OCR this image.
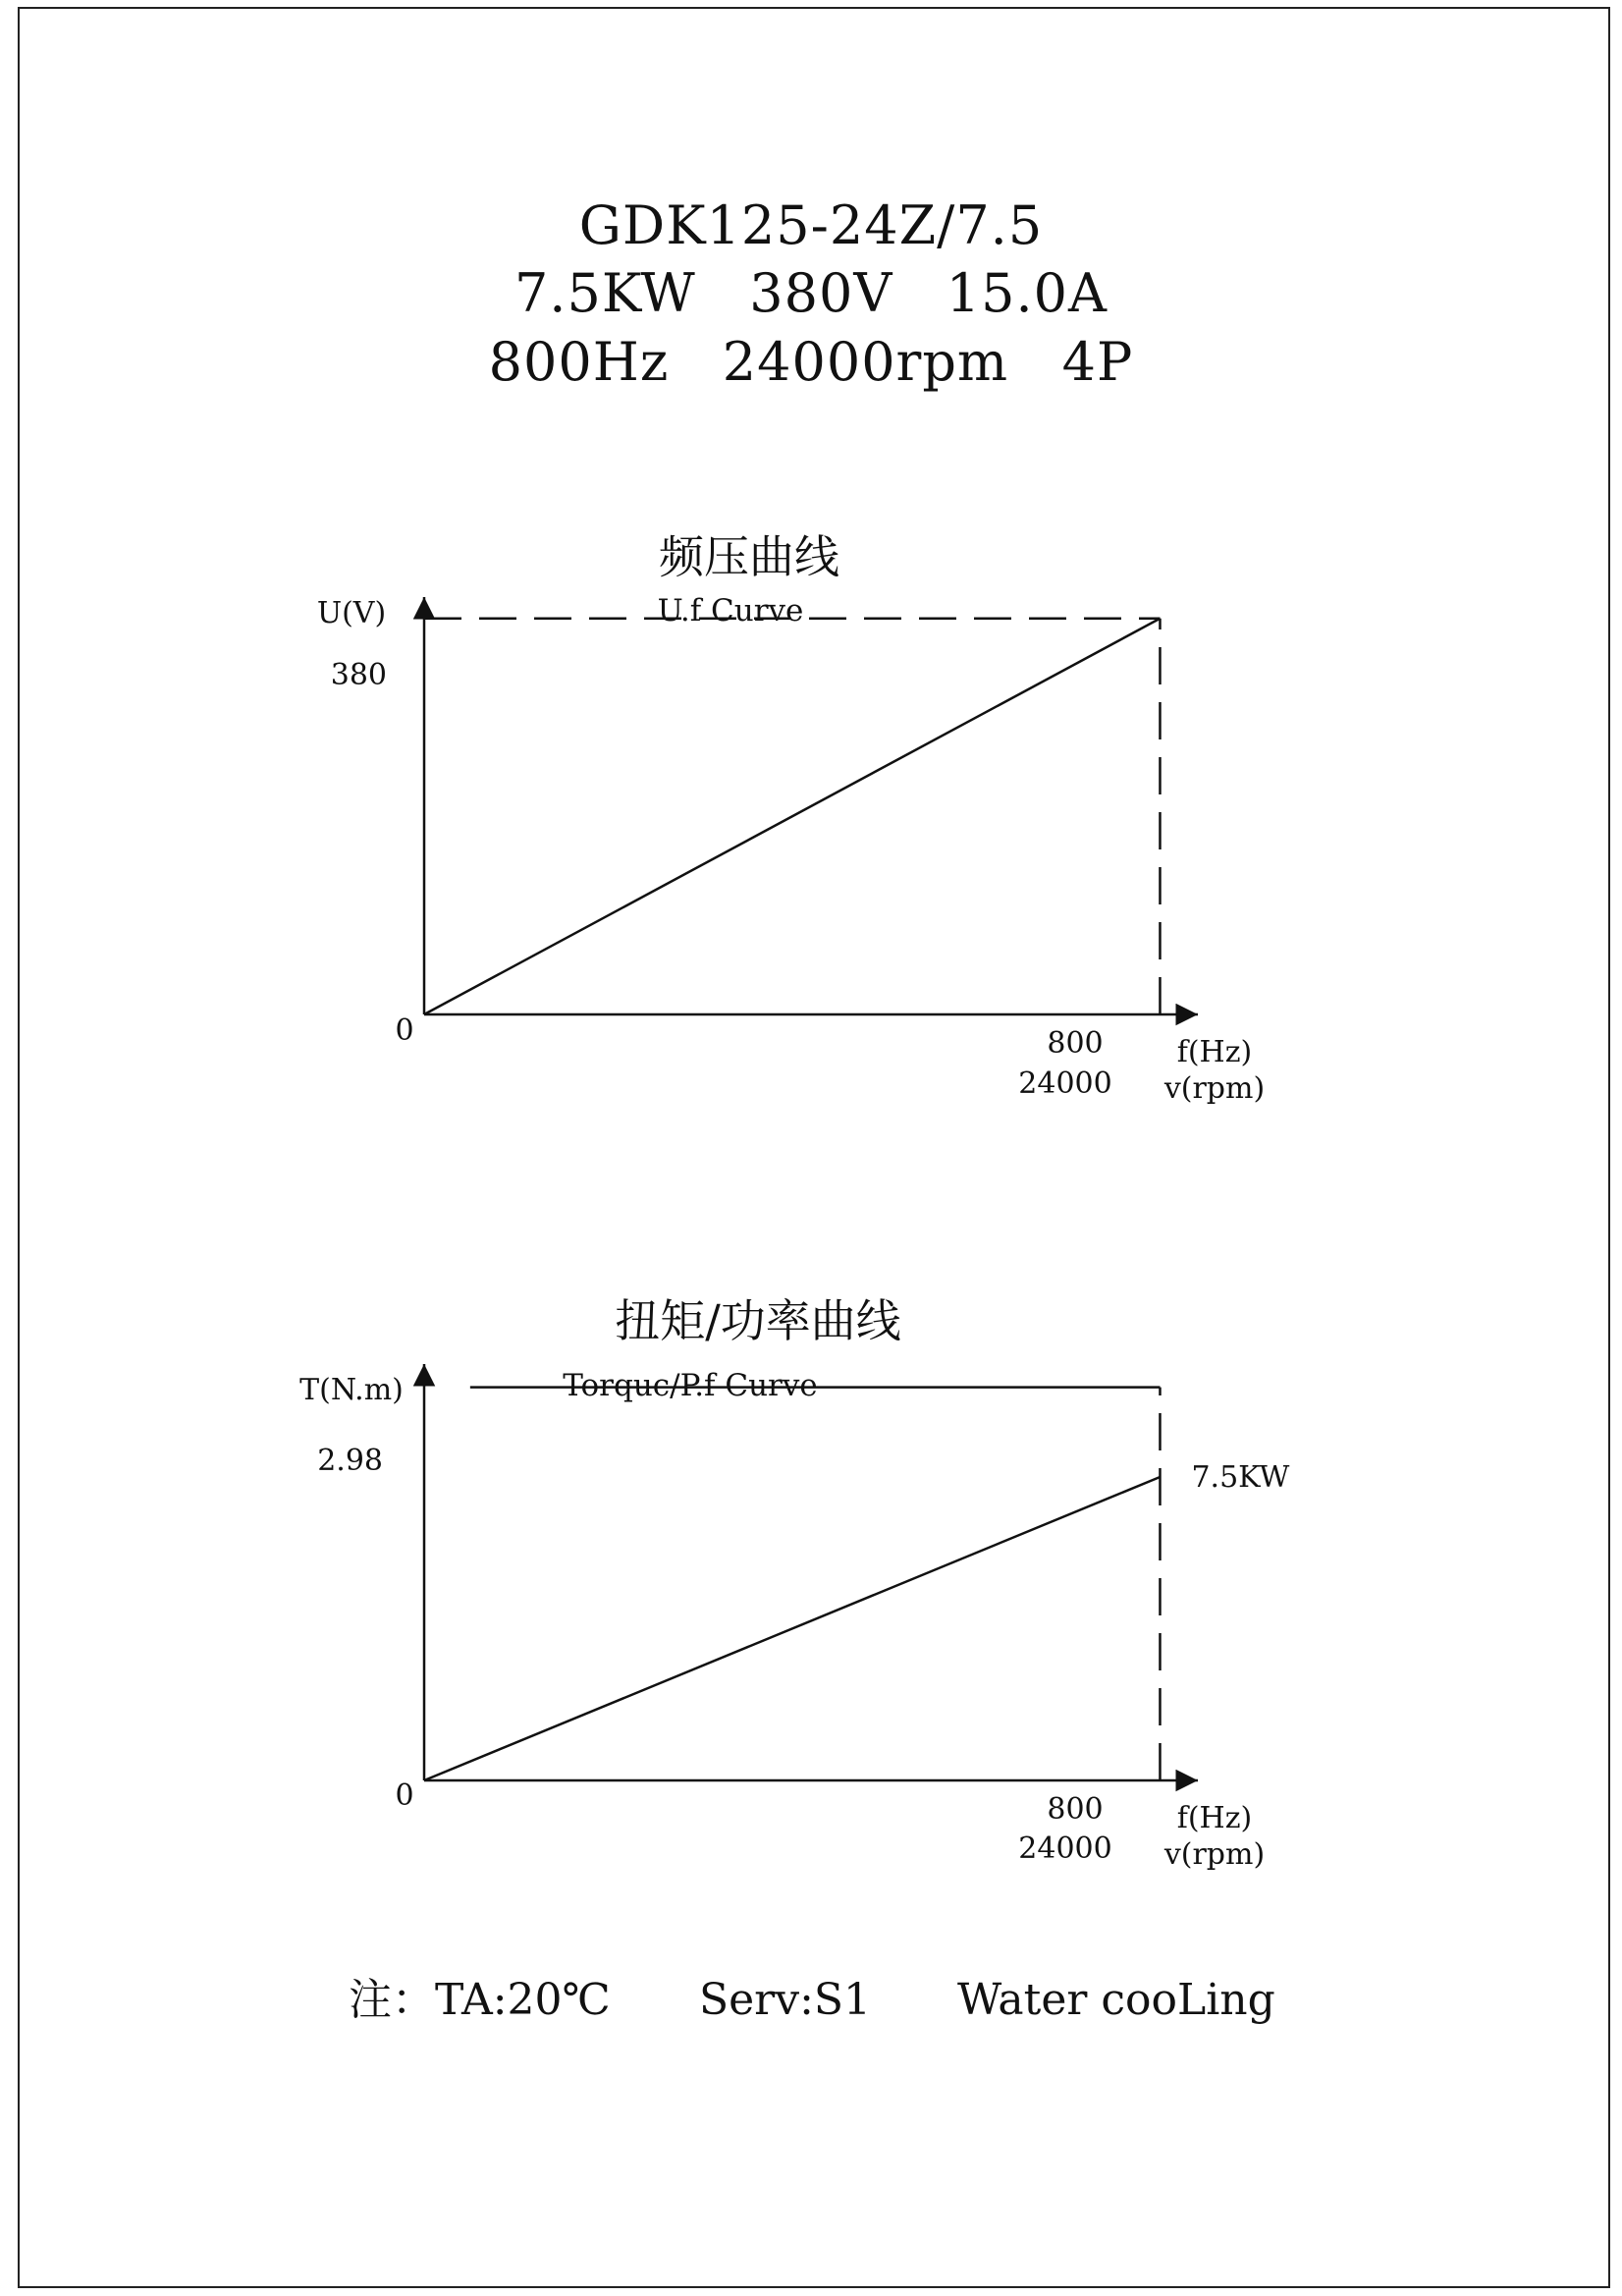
GDK125-24Z/7.5
7.5KW   380V   15.0A
800Hz   24000rpm   4P
频压曲线
U.f Curve
U(V)
0
380
800
24000
f(Hz)
v(rpm)
扭矩/功率曲线
Torquc/P.f Curve
T(N.m)
0
2.98
800
24000
f(Hz)
v(rpm)
7.5KW
注：TA:20℃ Serv:S1 Water cooLing
